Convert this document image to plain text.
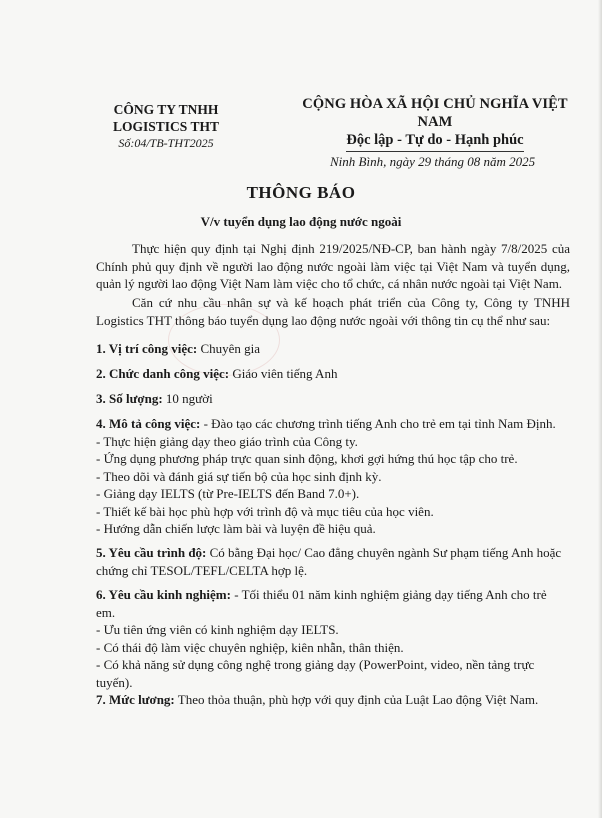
CÔNG TY TNHH
LOGISTICS THT
Số:04/TB-THT2025
CỘNG HÒA XÃ HỘI CHỦ NGHĨA VIỆT NAM
Độc lập - Tự do - Hạnh phúc
Ninh Bình, ngày 29 tháng 08 năm 2025
THÔNG BÁO
V/v tuyển dụng lao động nước ngoài

Thực hiện quy định tại Nghị định 219/2025/NĐ-CP, ban hành ngày 7/8/2025 của Chính phủ quy định về người lao động nước ngoài làm việc tại Việt Nam và tuyển dụng, quản lý người lao động Việt Nam làm việc cho tổ chức, cá nhân nước ngoài tại Việt Nam.

Căn cứ nhu cầu nhân sự và kế hoạch phát triển của Công ty, Công ty TNHH Logistics THT thông báo tuyển dụng lao động nước ngoài với thông tin cụ thể như sau:

1. Vị trí công việc: Chuyên gia

2. Chức danh công việc: Giáo viên tiếng Anh

3. Số lượng: 10 người

4. Mô tả công việc: - Đào tạo các chương trình tiếng Anh cho trẻ em tại tỉnh Nam Định.
- Thực hiện giảng dạy theo giáo trình của Công ty.
- Ứng dụng phương pháp trực quan sinh động, khơi gợi hứng thú học tập cho trẻ.
- Theo dõi và đánh giá sự tiến bộ của học sinh định kỳ.
- Giảng dạy IELTS (từ Pre-IELTS đến Band 7.0+).
- Thiết kế bài học phù hợp với trình độ và mục tiêu của học viên.
- Hướng dẫn chiến lược làm bài và luyện đề hiệu quả.

5. Yêu cầu trình độ: Có bằng Đại học/ Cao đẳng chuyên ngành Sư phạm tiếng Anh hoặc chứng chỉ TESOL/TEFL/CELTA hợp lệ.

6. Yêu cầu kinh nghiệm: - Tối thiểu 01 năm kinh nghiệm giảng dạy tiếng Anh cho trẻ em.
- Ưu tiên ứng viên có kinh nghiệm dạy IELTS.
- Có thái độ làm việc chuyên nghiệp, kiên nhẫn, thân thiện.
- Có khả năng sử dụng công nghệ trong giảng dạy (PowerPoint, video, nền tảng trực tuyến).

7. Mức lương: Theo thỏa thuận, phù hợp với quy định của Luật Lao động Việt Nam.
